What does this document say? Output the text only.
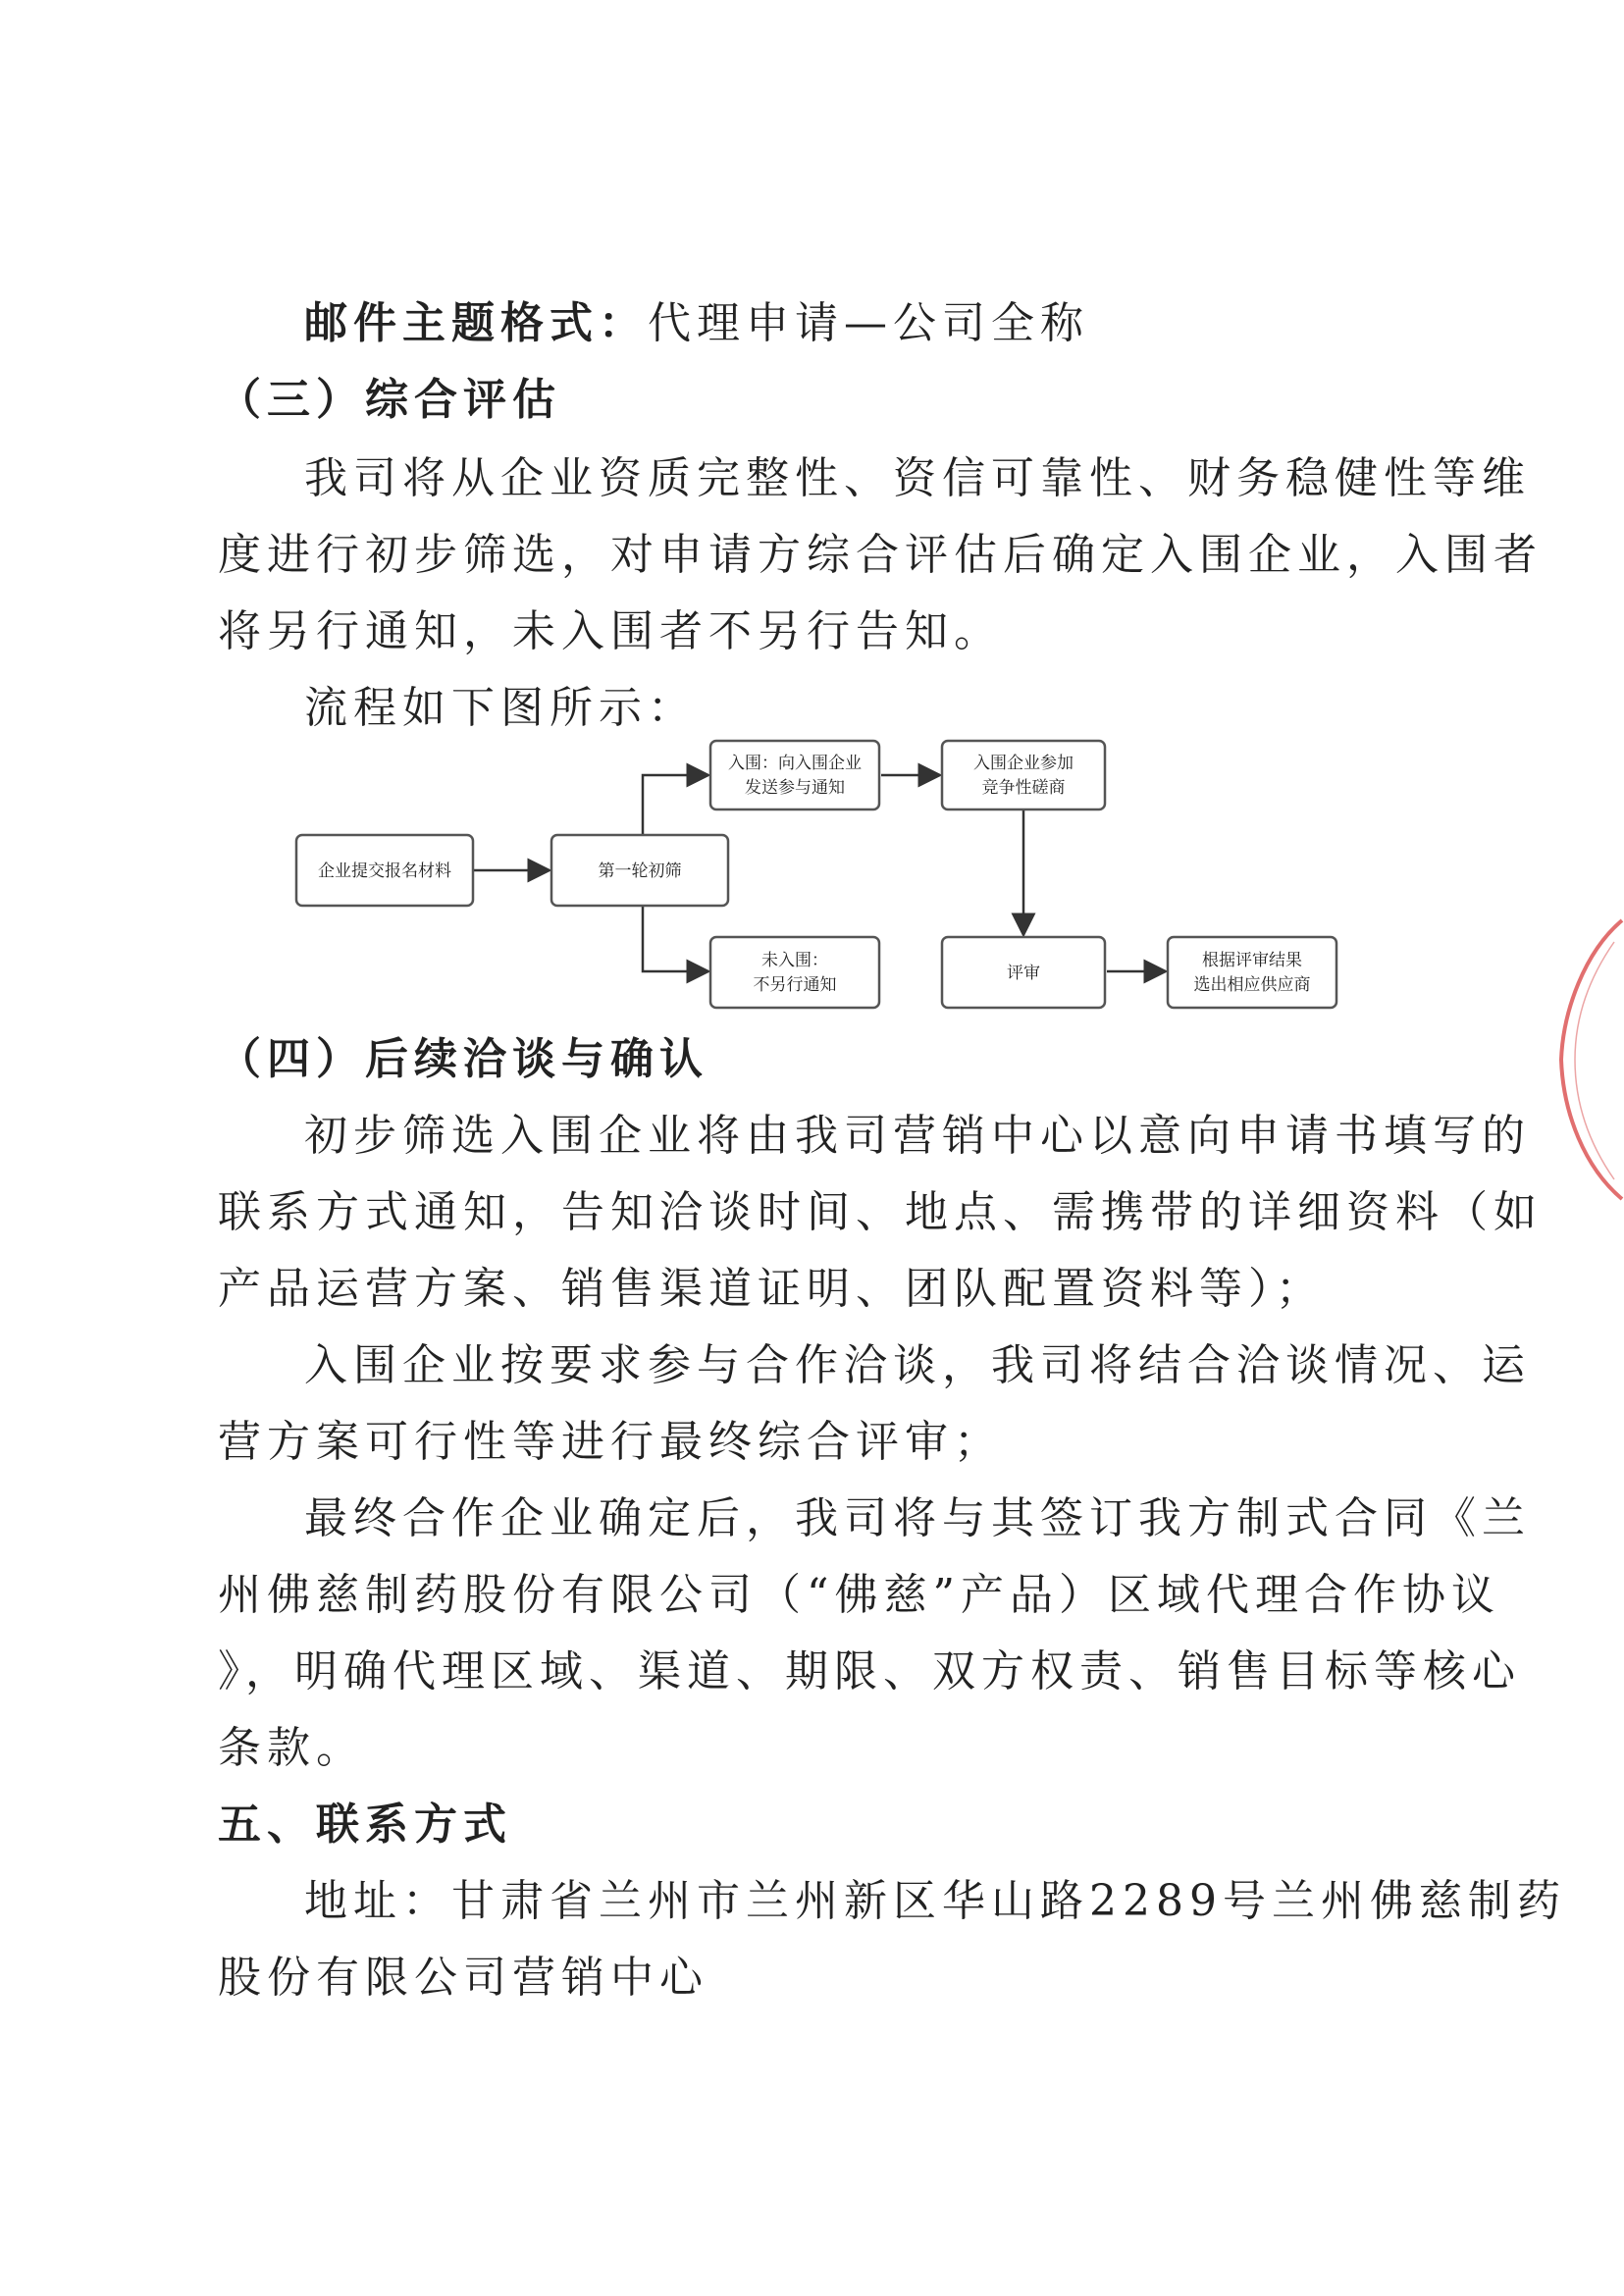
邮件主题格式：代理申请—公司全称
（三）综合评估
我司将从企业资质完整性、资信可靠性、财务稳健性等维
度进行初步筛选，对申请方综合评估后确定入围企业，入围者
将另行通知，未入围者不另行告知。
流程如下图所示：
企业提交报名材料	第一轮初筛
入围：向入围企业
发送参与通知
入围企业参加
竞争性磋商
未入围：
不另行通知
评审
根据评审结果
选出相应供应商
（四）后续洽谈与确认
初步筛选入围企业将由我司营销中心以意向申请书填写的
联系方式通知，告知洽谈时间、地点、需携带的详细资料（如
产品运营方案、销售渠道证明、团队配置资料等）；
入围企业按要求参与合作洽谈，我司将结合洽谈情况、运
营方案可行性等进行最终综合评审；
最终合作企业确定后，我司将与其签订我方制式合同《兰
州佛慈制药股份有限公司（“佛慈”产品）区域代理合作协议
》，明确代理区域、渠道、期限、双方权责、销售目标等核心
条款。
五、联系方式
地址：甘肃省兰州市兰州新区华山路2289号兰州佛慈制药
股份有限公司营销中心
